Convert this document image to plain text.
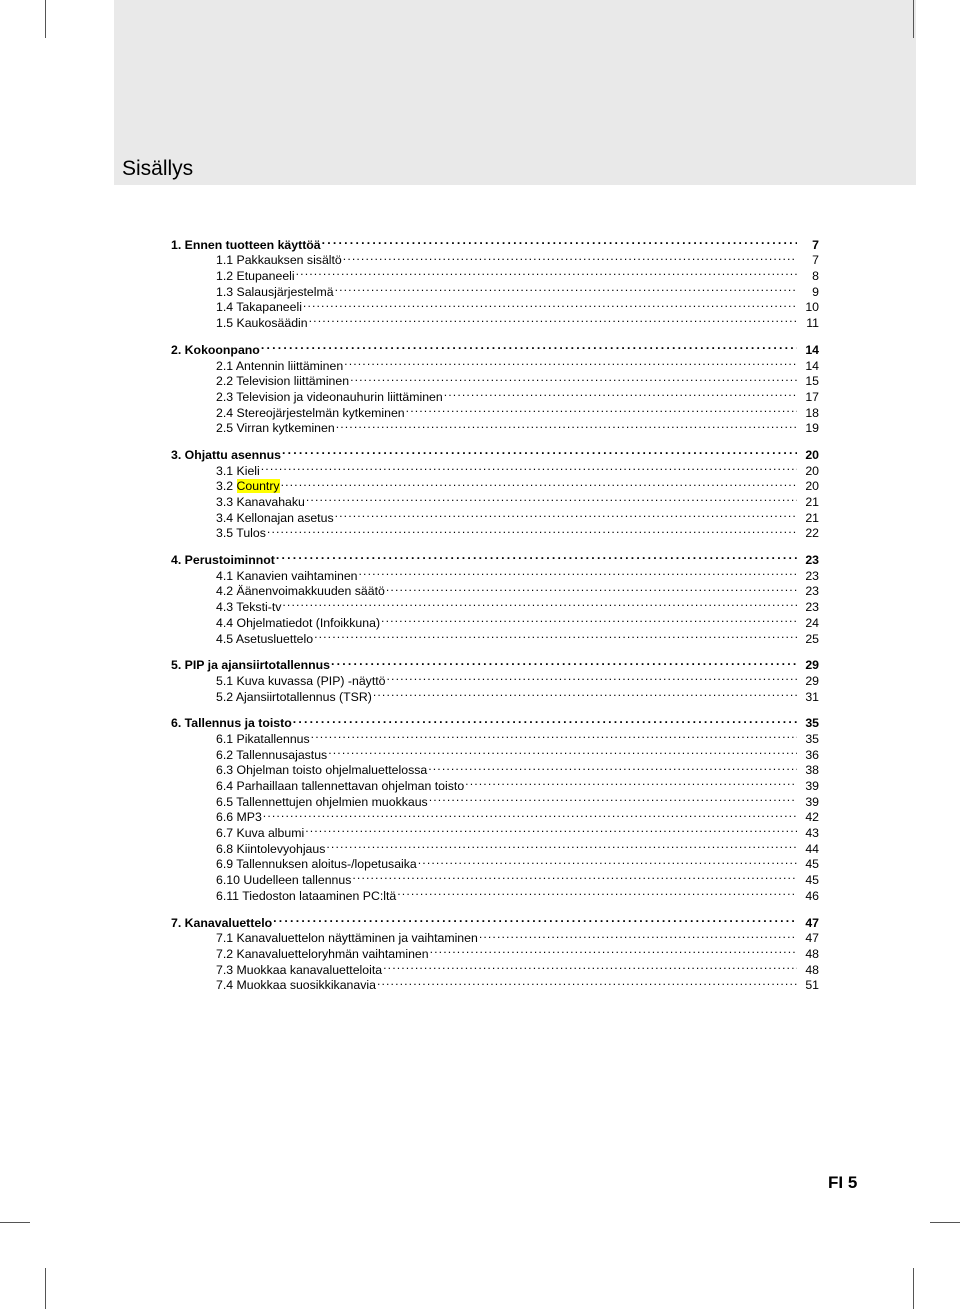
Sisällys
1. Ennen tuotteen käyttöä . . .	7
1.1 Pakkauksen sisältö . . .	7
1.2 Etupaneeli . . .	8
1.3 Salausjärjestelmä . . .	9
1.4 Takapaneeli . . .	10
1.5 Kaukosäädin . . .	11
2. Kokoonpano . . .	14
2.1 Antennin liittäminen . . .	14
2.2 Television liittäminen . . .	15
2.3 Television ja videonauhurin liittäminen . . .	17
2.4 Stereojärjestelmän kytkeminen . . .	18
2.5 Virran kytkeminen . . .	19
3. Ohjattu asennus . . .	20
3.1 Kieli . . .	20
3.2 Country . . .	20
3.3 Kanavahaku . . .	21
3.4 Kellonajan asetus . . .	21
3.5 Tulos . . .	22
4. Perustoiminnot . . .	23
4.1 Kanavien vaihtaminen . . .	23
4.2 Äänenvoimakkuuden säätö . . .	23
4.3 Teksti-tv . . .	23
4.4 Ohjelmatiedot (Infoikkuna) . . .	24
4.5 Asetusluettelo . . .	25
5. PIP ja ajansiirtotallennus . . .	29
5.1 Kuva kuvassa (PIP) -näyttö . . .	29
5.2 Ajansiirtotallennus (TSR) . . .	31
6. Tallennus ja toisto . . .	35
6.1 Pikatallennus . . .	35
6.2 Tallennusajastus . . .	36
6.3 Ohjelman toisto ohjelmaluettelossa . . .	38
6.4 Parhaillaan tallennettavan ohjelman toisto . . .	39
6.5 Tallennettujen ohjelmien muokkaus . . .	39
6.6 MP3 . . .	42
6.7 Kuva albumi . . .	43
6.8 Kiintolevyohjaus . . .	44
6.9 Tallennuksen aloitus-/lopetusaika . . .	45
6.10 Uudelleen tallennus . . .	45
6.11 Tiedoston lataaminen PC:ltä . . .	46
7. Kanavaluettelo . . .	47
7.1 Kanavaluettelon näyttäminen ja vaihtaminen . . .	47
7.2 Kanavaluetteloryhmän vaihtaminen . . .	48
7.3 Muokkaa kanavaluetteloita . . .	48
7.4 Muokkaa suosikkikanavia . . .	51
FI 5
